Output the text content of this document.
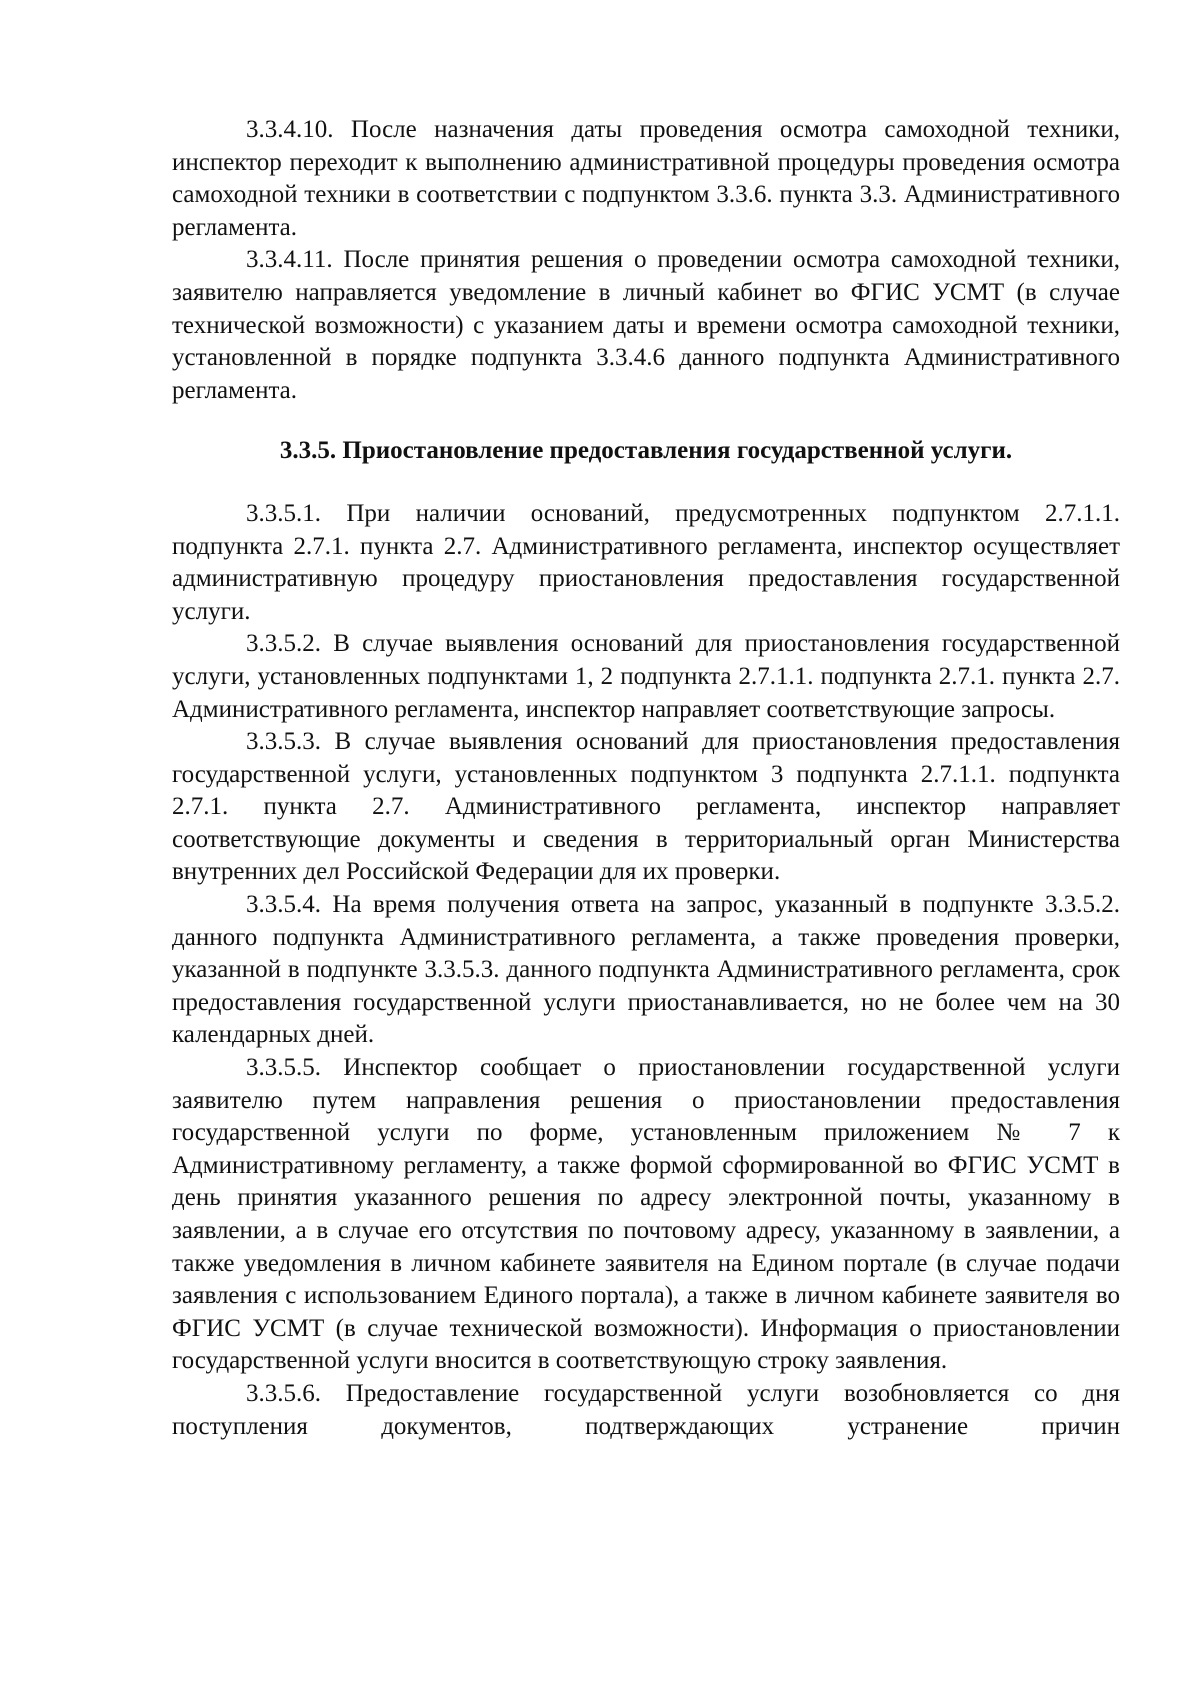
3.3.4.10. После назначения даты проведения осмотра самоходной техники, инспектор переходит к выполнению административной процедуры проведения осмотра самоходной техники в соответствии с подпунктом 3.3.6. пункта 3.3. Административного регламента.

3.3.4.11. После принятия решения о проведении осмотра самоходной техники, заявителю направляется уведомление в личный кабинет во ФГИС УСМТ (в случае технической возможности) с указанием даты и времени осмотра самоходной техники, установленной в порядке подпункта 3.3.4.6 данного подпункта Административного регламента.

3.3.5. Приостановление предоставления государственной услуги.

3.3.5.1. При наличии оснований, предусмотренных подпунктом 2.7.1.1. подпункта 2.7.1. пункта 2.7. Административного регламента, инспектор осуществляет административную процедуру приостановления предоставления государственной услуги.

3.3.5.2. В случае выявления оснований для приостановления государственной услуги, установленных подпунктами 1, 2 подпункта 2.7.1.1. подпункта 2.7.1. пункта 2.7. Административного регламента, инспектор направляет соответствующие запросы.

3.3.5.3. В случае выявления оснований для приостановления предоставления государственной услуги, установленных подпунктом 3 подпункта 2.7.1.1. подпункта 2.7.1. пункта 2.7. Административного регламента, инспектор направляет соответствующие документы и сведения в территориальный орган Министерства внутренних дел Российской Федерации для их проверки.

3.3.5.4. На время получения ответа на запрос, указанный в подпункте 3.3.5.2. данного подпункта Административного регламента, а также проведения проверки, указанной в подпункте 3.3.5.3. данного подпункта Административного регламента, срок предоставления государственной услуги приостанавливается, но не более чем на 30 календарных дней.

3.3.5.5. Инспектор сообщает о приостановлении государственной услуги заявителю путем направления решения о приостановлении предоставления государственной услуги по форме, установленным приложением № 7 к Административному регламенту, а также формой сформированной во ФГИС УСМТ в день принятия указанного решения по адресу электронной почты, указанному в заявлении, а в случае его отсутствия по почтовому адресу, указанному в заявлении, а также уведомления в личном кабинете заявителя на Едином портале (в случае подачи заявления с использованием Единого портала), а также в личном кабинете заявителя во ФГИС УСМТ (в случае технической возможности). Информация о приостановлении государственной услуги вносится в соответствующую строку заявления.

3.3.5.6. Предоставление государственной услуги возобновляется со дня поступления документов, подтверждающих устранение причин
